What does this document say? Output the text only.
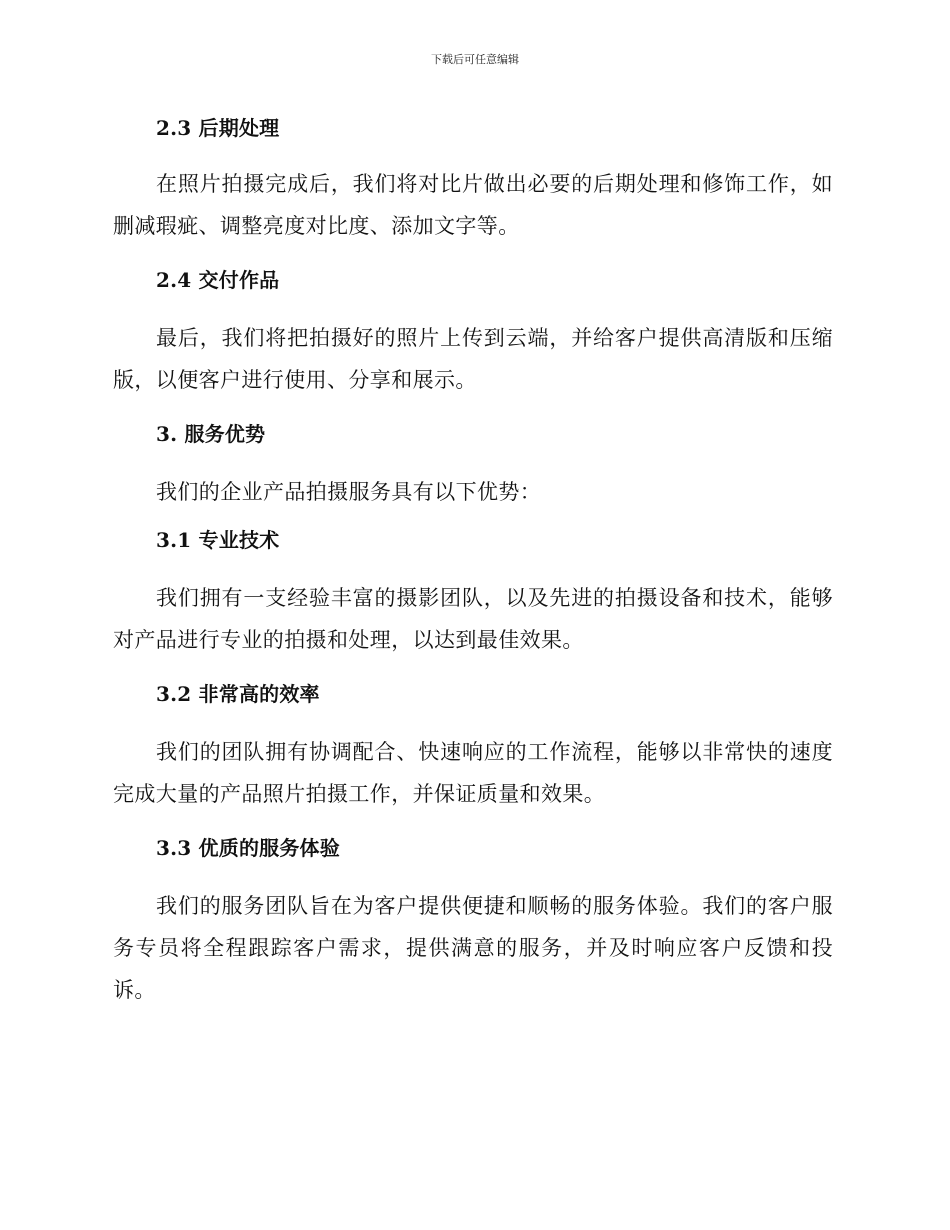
下载后可任意编辑
2.3 后期处理

在照片拍摄完成后，我们将对比片做出必要的后期处理和修饰工作，如删减瑕疵、调整亮度对比度、添加文字等。

2.4 交付作品

最后，我们将把拍摄好的照片上传到云端，并给客户提供高清版和压缩版，以便客户进行使用、分享和展示。

3. 服务优势

我们的企业产品拍摄服务具有以下优势：

3.1 专业技术

我们拥有一支经验丰富的摄影团队，以及先进的拍摄设备和技术，能够对产品进行专业的拍摄和处理，以达到最佳效果。

3.2 非常高的效率

我们的团队拥有协调配合、快速响应的工作流程，能够以非常快的速度完成大量的产品照片拍摄工作，并保证质量和效果。

3.3 优质的服务体验

我们的服务团队旨在为客户提供便捷和顺畅的服务体验。我们的客户服务专员将全程跟踪客户需求，提供满意的服务，并及时响应客户反馈和投诉。
